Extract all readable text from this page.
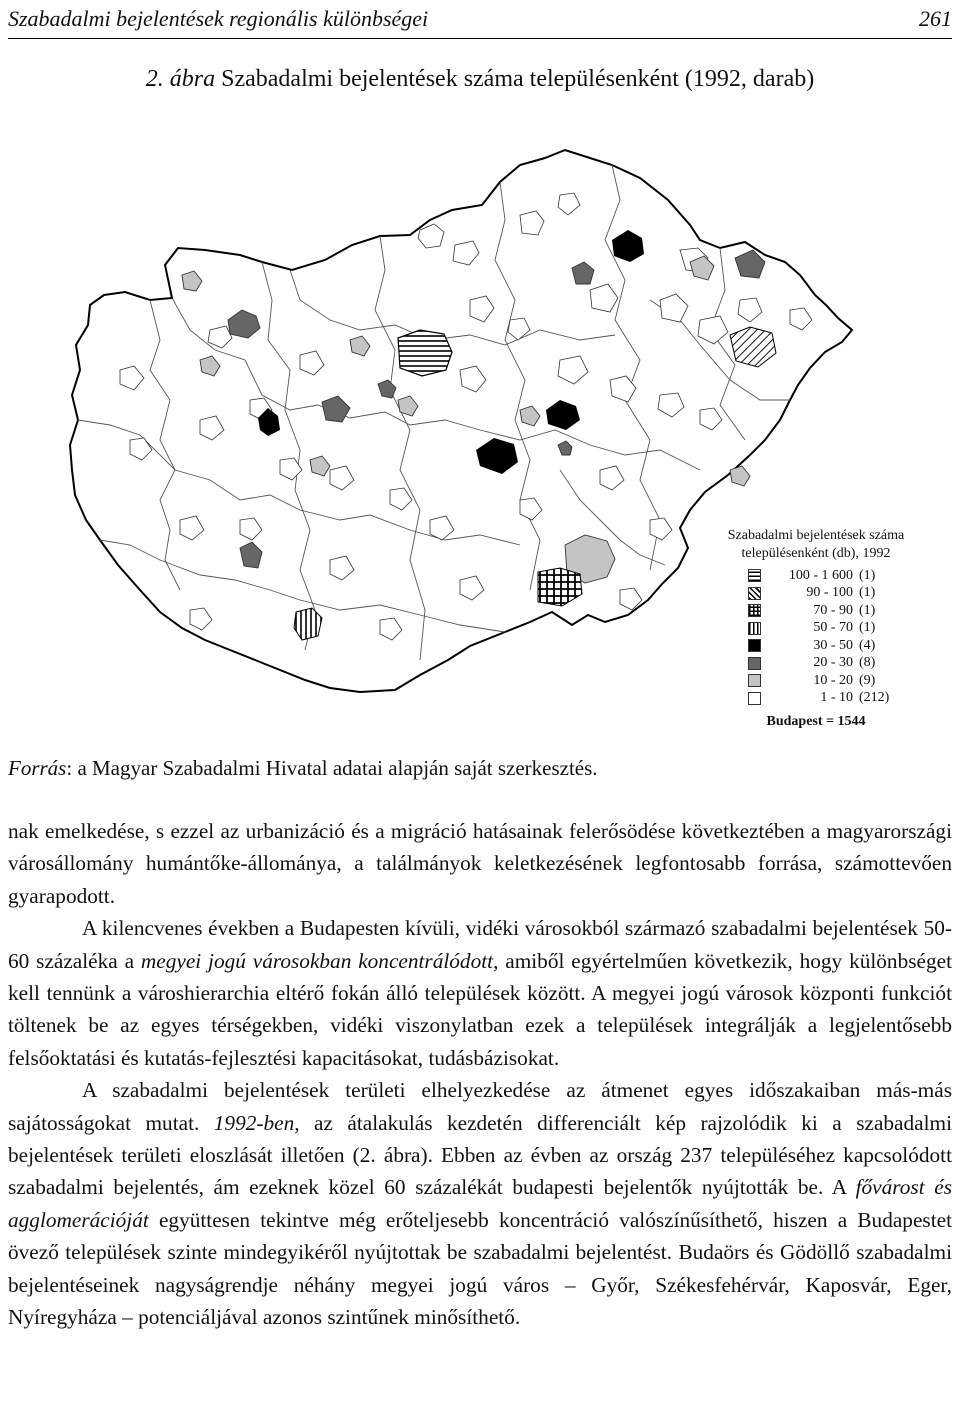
Szabadalmi bejelentések regionális különbségei	261
2. ábra Szabadalmi bejelentések száma településenként (1992, darab)
Szabadalmi bejelentések száma
településenként (db), 1992
100 - 1 600 (1)
90 - 100 (1)
70 - 90 (1)
50 - 70 (1)
30 - 50 (4)
20 - 30 (8)
10 - 20 (9)
1 - 10 (212)
Budapest = 1544
Forrás: a Magyar Szabadalmi Hivatal adatai alapján saját szerkesztés.

nak emelkedése, s ezzel az urbanizáció és a migráció hatásainak felerősödése következtében a magyarországi városállomány humántőke-állománya, a találmányok keletkezésének legfontosabb forrása, számottevően gyarapodott.

A kilencvenes években a Budapesten kívüli, vidéki városokból származó szabadalmi bejelentések 50-60 százaléka a megyei jogú városokban koncentrálódott, amiből egyértelműen következik, hogy különbséget kell tennünk a városhierarchia eltérő fokán álló települések között. A megyei jogú városok központi funkciót töltenek be az egyes térségekben, vidéki viszonylatban ezek a települések integrálják a legjelentősebb felsőoktatási és kutatás-fejlesztési kapacitásokat, tudásbázisokat.

A szabadalmi bejelentések területi elhelyezkedése az átmenet egyes időszakaiban más-más sajátosságokat mutat. 1992-ben, az átalakulás kezdetén differenciált kép rajzolódik ki a szabadalmi bejelentések területi eloszlását illetően (2. ábra). Ebben az évben az ország 237 településéhez kapcsolódott szabadalmi bejelentés, ám ezeknek közel 60 százalékát budapesti bejelentők nyújtották be. A fővárost és agglomerációját együttesen tekintve még erőteljesebb koncentráció valószínűsíthető, hiszen a Budapestet övező települések szinte mindegyikéről nyújtottak be szabadalmi bejelentést. Budaörs és Gödöllő szabadalmi bejelentéseinek nagyságrendje néhány megyei jogú város – Győr, Székesfehérvár, Kaposvár, Eger, Nyíregyháza – potenciáljával azonos szintűnek minősíthető.
